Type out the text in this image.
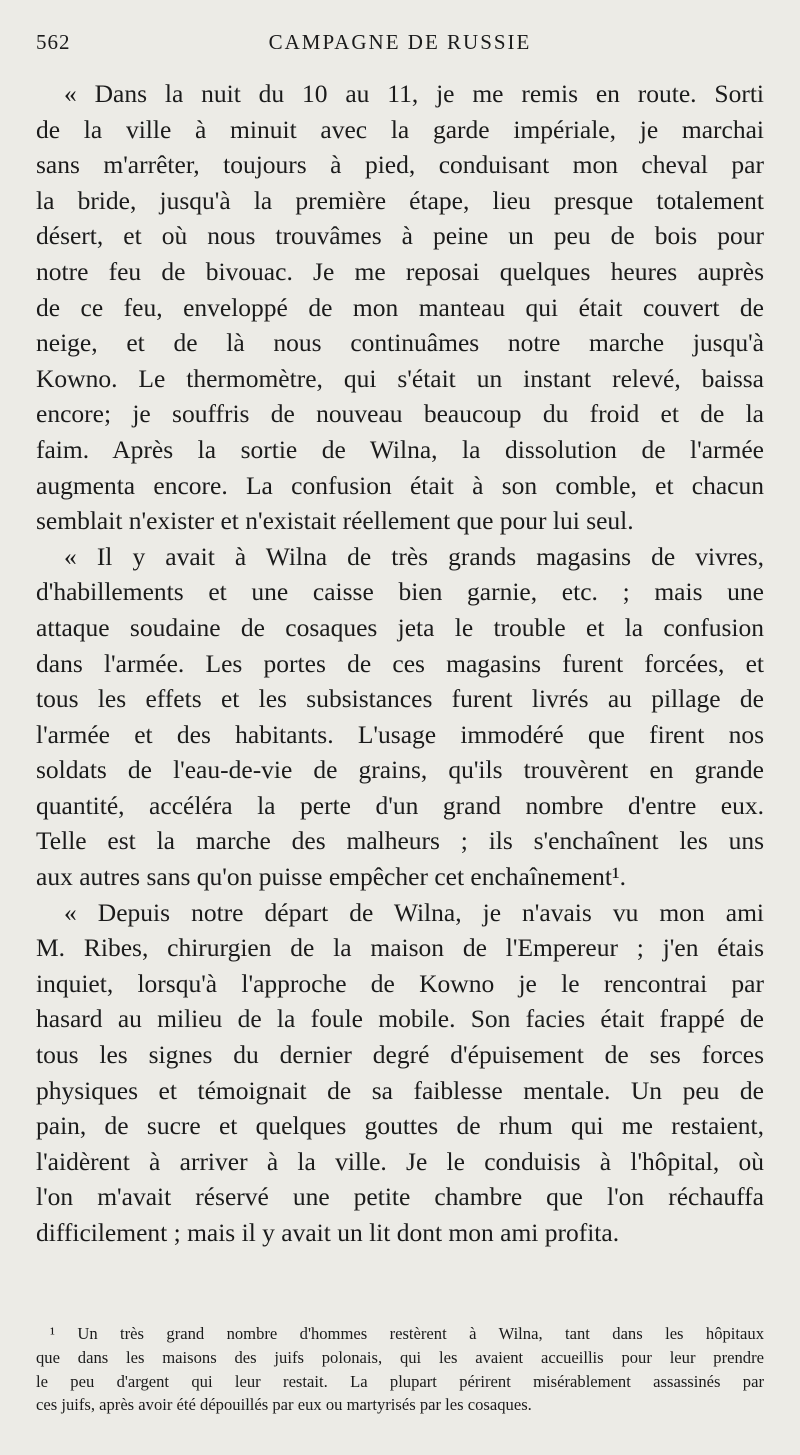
562	CAMPAGNE DE RUSSIE
« Dans la nuit du 10 au 11, je me remis en route. Sorti
de la ville à minuit avec la garde impériale, je marchai
sans m'arrêter, toujours à pied, conduisant mon cheval par
la bride, jusqu'à la première étape, lieu presque totalement
désert, et où nous trouvâmes à peine un peu de bois pour
notre feu de bivouac. Je me reposai quelques heures auprès
de ce feu, enveloppé de mon manteau qui était couvert de
neige, et de là nous continuâmes notre marche jusqu'à
Kowno. Le thermomètre, qui s'était un instant relevé, baissa
encore; je souffris de nouveau beaucoup du froid et de la
faim. Après la sortie de Wilna, la dissolution de l'armée
augmenta encore. La confusion était à son comble, et chacun
semblait n'exister et n'existait réellement que pour lui seul.
« Il y avait à Wilna de très grands magasins de vivres,
d'habillements et une caisse bien garnie, etc. ; mais une
attaque soudaine de cosaques jeta le trouble et la confusion
dans l'armée. Les portes de ces magasins furent forcées, et
tous les effets et les subsistances furent livrés au pillage de
l'armée et des habitants. L'usage immodéré que firent nos
soldats de l'eau-de-vie de grains, qu'ils trouvèrent en grande
quantité, accéléra la perte d'un grand nombre d'entre eux.
Telle est la marche des malheurs ; ils s'enchaînent les uns
aux autres sans qu'on puisse empêcher cet enchaînement¹.
« Depuis notre départ de Wilna, je n'avais vu mon ami
M. Ribes, chirurgien de la maison de l'Empereur ; j'en étais
inquiet, lorsqu'à l'approche de Kowno je le rencontrai par
hasard au milieu de la foule mobile. Son facies était frappé de
tous les signes du dernier degré d'épuisement de ses forces
physiques et témoignait de sa faiblesse mentale. Un peu de
pain, de sucre et quelques gouttes de rhum qui me restaient,
l'aidèrent à arriver à la ville. Je le conduisis à l'hôpital, où
l'on m'avait réservé une petite chambre que l'on réchauffa
difficilement ; mais il y avait un lit dont mon ami profita.
¹ Un très grand nombre d'hommes restèrent à Wilna, tant dans les hôpitaux
que dans les maisons des juifs polonais, qui les avaient accueillis pour leur prendre
le peu d'argent qui leur restait. La plupart périrent misérablement assassinés par
ces juifs, après avoir été dépouillés par eux ou martyrisés par les cosaques.
